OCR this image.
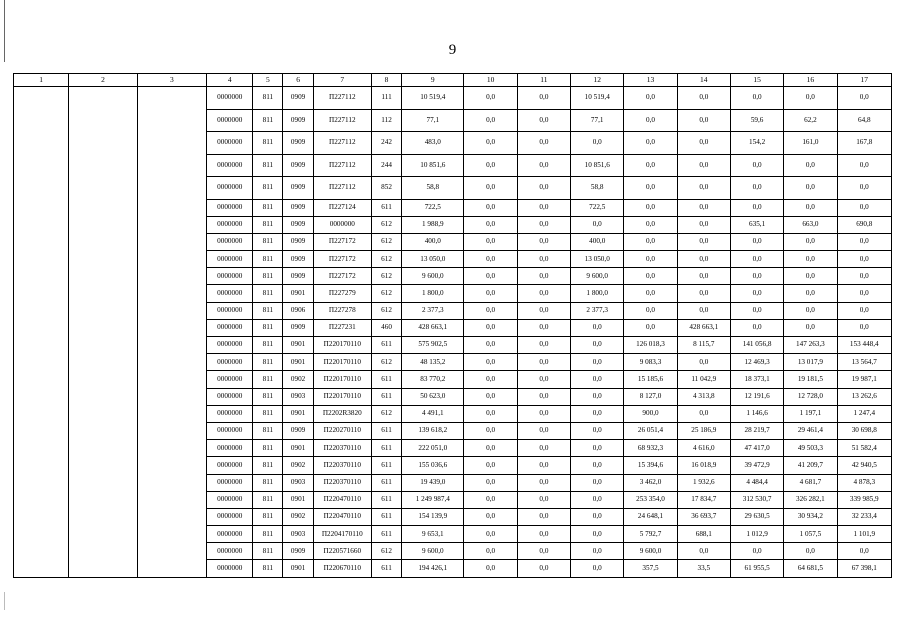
9
1	2	3	4	5	6	7	8	9	10	11	12	13	14	15	16	17
			0000000	811	0909	П227112	111	10 519,4	0,0	0,0	10 519,4	0,0	0,0	0,0	0,0	0,0
			0000000	811	0909	П227112	112	77,1	0,0	0,0	77,1	0,0	0,0	59,6	62,2	64,8
			0000000	811	0909	П227112	242	483,0	0,0	0,0	0,0	0,0	0,0	154,2	161,0	167,8
			0000000	811	0909	П227112	244	10 851,6	0,0	0,0	10 851,6	0,0	0,0	0,0	0,0	0,0
			0000000	811	0909	П227112	852	58,8	0,0	0,0	58,8	0,0	0,0	0,0	0,0	0,0
			0000000	811	0909	П227124	611	722,5	0,0	0,0	722,5	0,0	0,0	0,0	0,0	0,0
			0000000	811	0909	0000000	612	1 988,9	0,0	0,0	0,0	0,0	0,0	635,1	663,0	690,8
			0000000	811	0909	П227172	612	400,0	0,0	0,0	400,0	0,0	0,0	0,0	0,0	0,0
			0000000	811	0909	П227172	612	13 050,0	0,0	0,0	13 050,0	0,0	0,0	0,0	0,0	0,0
			0000000	811	0909	П227172	612	9 600,0	0,0	0,0	9 600,0	0,0	0,0	0,0	0,0	0,0
			0000000	811	0901	П227279	612	1 800,0	0,0	0,0	1 800,0	0,0	0,0	0,0	0,0	0,0
			0000000	811	0906	П227278	612	2 377,3	0,0	0,0	2 377,3	0,0	0,0	0,0	0,0	0,0
			0000000	811	0909	П227231	460	428 663,1	0,0	0,0	0,0	0,0	428 663,1	0,0	0,0	0,0
			0000000	811	0901	П220170110	611	575 902,5	0,0	0,0	0,0	126 018,3	8 115,7	141 056,8	147 263,3	153 448,4
			0000000	811	0901	П220170110	612	48 135,2	0,0	0,0	0,0	9 083,3	0,0	12 469,3	13 017,9	13 564,7
			0000000	811	0902	П220170110	611	83 770,2	0,0	0,0	0,0	15 185,6	11 042,9	18 373,1	19 181,5	19 987,1
			0000000	811	0903	П220170110	611	50 623,0	0,0	0,0	0,0	8 127,0	4 313,8	12 191,6	12 728,0	13 262,6
			0000000	811	0901	П2202R3820	612	4 491,1	0,0	0,0	0,0	900,0	0,0	1 146,6	1 197,1	1 247,4
			0000000	811	0909	П220270110	611	139 618,2	0,0	0,0	0,0	26 051,4	25 186,9	28 219,7	29 461,4	30 698,8
			0000000	811	0901	П220370110	611	222 051,0	0,0	0,0	0,0	68 932,3	4 616,0	47 417,0	49 503,3	51 582,4
			0000000	811	0902	П220370110	611	155 036,6	0,0	0,0	0,0	15 394,6	16 018,9	39 472,9	41 209,7	42 940,5
			0000000	811	0903	П220370110	611	19 439,0	0,0	0,0	0,0	3 462,0	1 932,6	4 484,4	4 681,7	4 878,3
			0000000	811	0901	П220470110	611	1 249 987,4	0,0	0,0	0,0	253 354,0	17 834,7	312 530,7	326 282,1	339 985,9
			0000000	811	0902	П220470110	611	154 139,9	0,0	0,0	0,0	24 648,1	36 693,7	29 630,5	30 934,2	32 233,4
			0000000	811	0903	П2204170110	611	9 653,1	0,0	0,0	0,0	5 792,7	688,1	1 012,9	1 057,5	1 101,9
			0000000	811	0909	П220571660	612	9 600,0	0,0	0,0	0,0	9 600,0	0,0	0,0	0,0	0,0
			0000000	811	0901	П220670110	611	194 426,1	0,0	0,0	0,0	357,5	33,5	61 955,5	64 681,5	67 398,1
